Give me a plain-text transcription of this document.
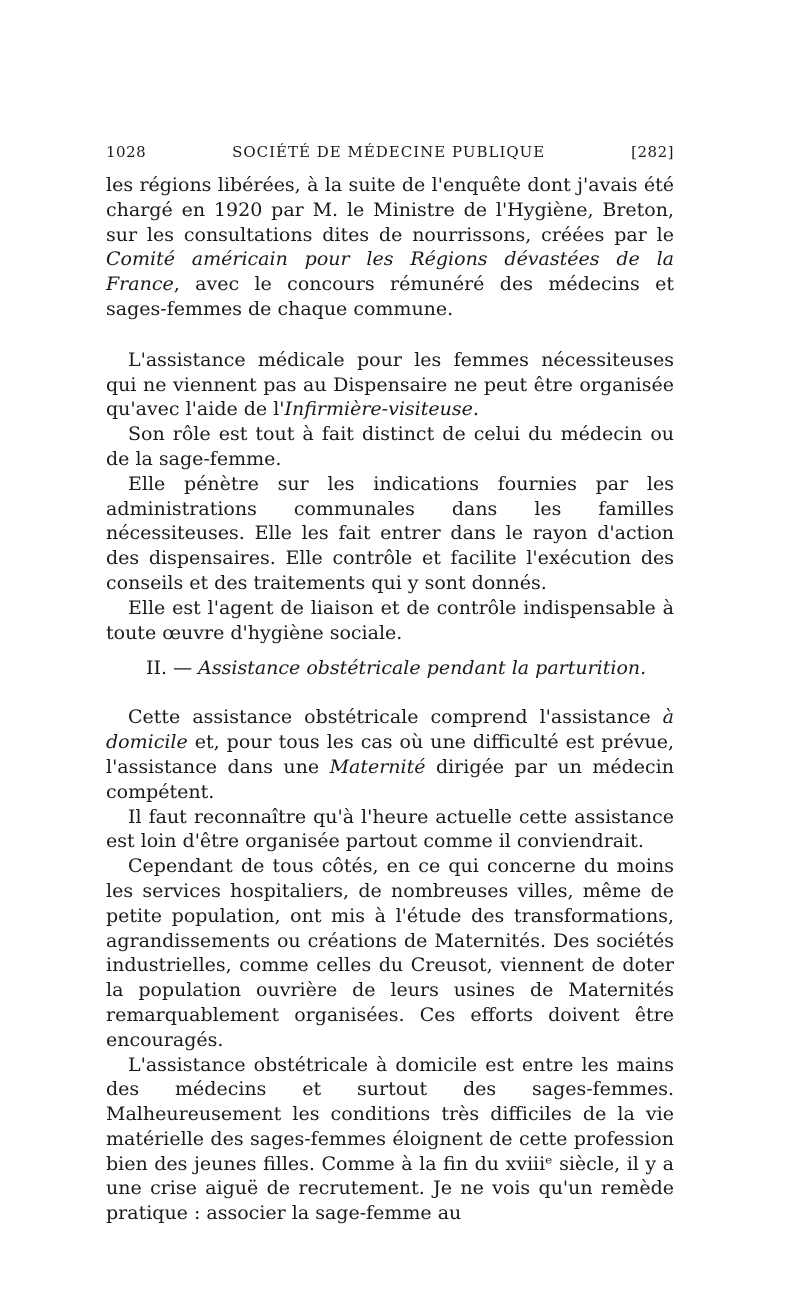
1028	SOCIÉTÉ DE MÉDECINE PUBLIQUE	[282]

les régions libérées, à la suite de l'enquête dont j'avais été chargé en 1920 par M. le Ministre de l'Hygiène, Breton, sur les consultations dites de nourrissons, créées par le Comité américain pour les Régions dévastées de la France, avec le concours rémunéré des médecins et sages-femmes de chaque commune.

L'assistance médicale pour les femmes nécessiteuses qui ne viennent pas au Dispensaire ne peut être organisée qu'avec l'aide de l'Infirmière-visiteuse.

Son rôle est tout à fait distinct de celui du médecin ou de la sage-femme.

Elle pénètre sur les indications fournies par les administrations communales dans les familles nécessiteuses. Elle les fait entrer dans le rayon d'action des dispensaires. Elle contrôle et facilite l'exécution des conseils et des traitements qui y sont donnés.

Elle est l'agent de liaison et de contrôle indispensable à toute œuvre d'hygiène sociale.

II. — Assistance obstétricale pendant la parturition.

Cette assistance obstétricale comprend l'assistance à domicile et, pour tous les cas où une difficulté est prévue, l'assistance dans une Maternité dirigée par un médecin compétent.

Il faut reconnaître qu'à l'heure actuelle cette assistance est loin d'être organisée partout comme il conviendrait.

Cependant de tous côtés, en ce qui concerne du moins les services hospitaliers, de nombreuses villes, même de petite population, ont mis à l'étude des transformations, agrandissements ou créations de Maternités. Des sociétés industrielles, comme celles du Creusot, viennent de doter la population ouvrière de leurs usines de Maternités remarquablement organisées. Ces efforts doivent être encouragés.

L'assistance obstétricale à domicile est entre les mains des médecins et surtout des sages-femmes. Malheureusement les conditions très difficiles de la vie matérielle des sages-femmes éloignent de cette profession bien des jeunes filles. Comme à la fin du xviiiᵉ siècle, il y a une crise aiguë de recrutement. Je ne vois qu'un remède pratique : associer la sage-femme au
